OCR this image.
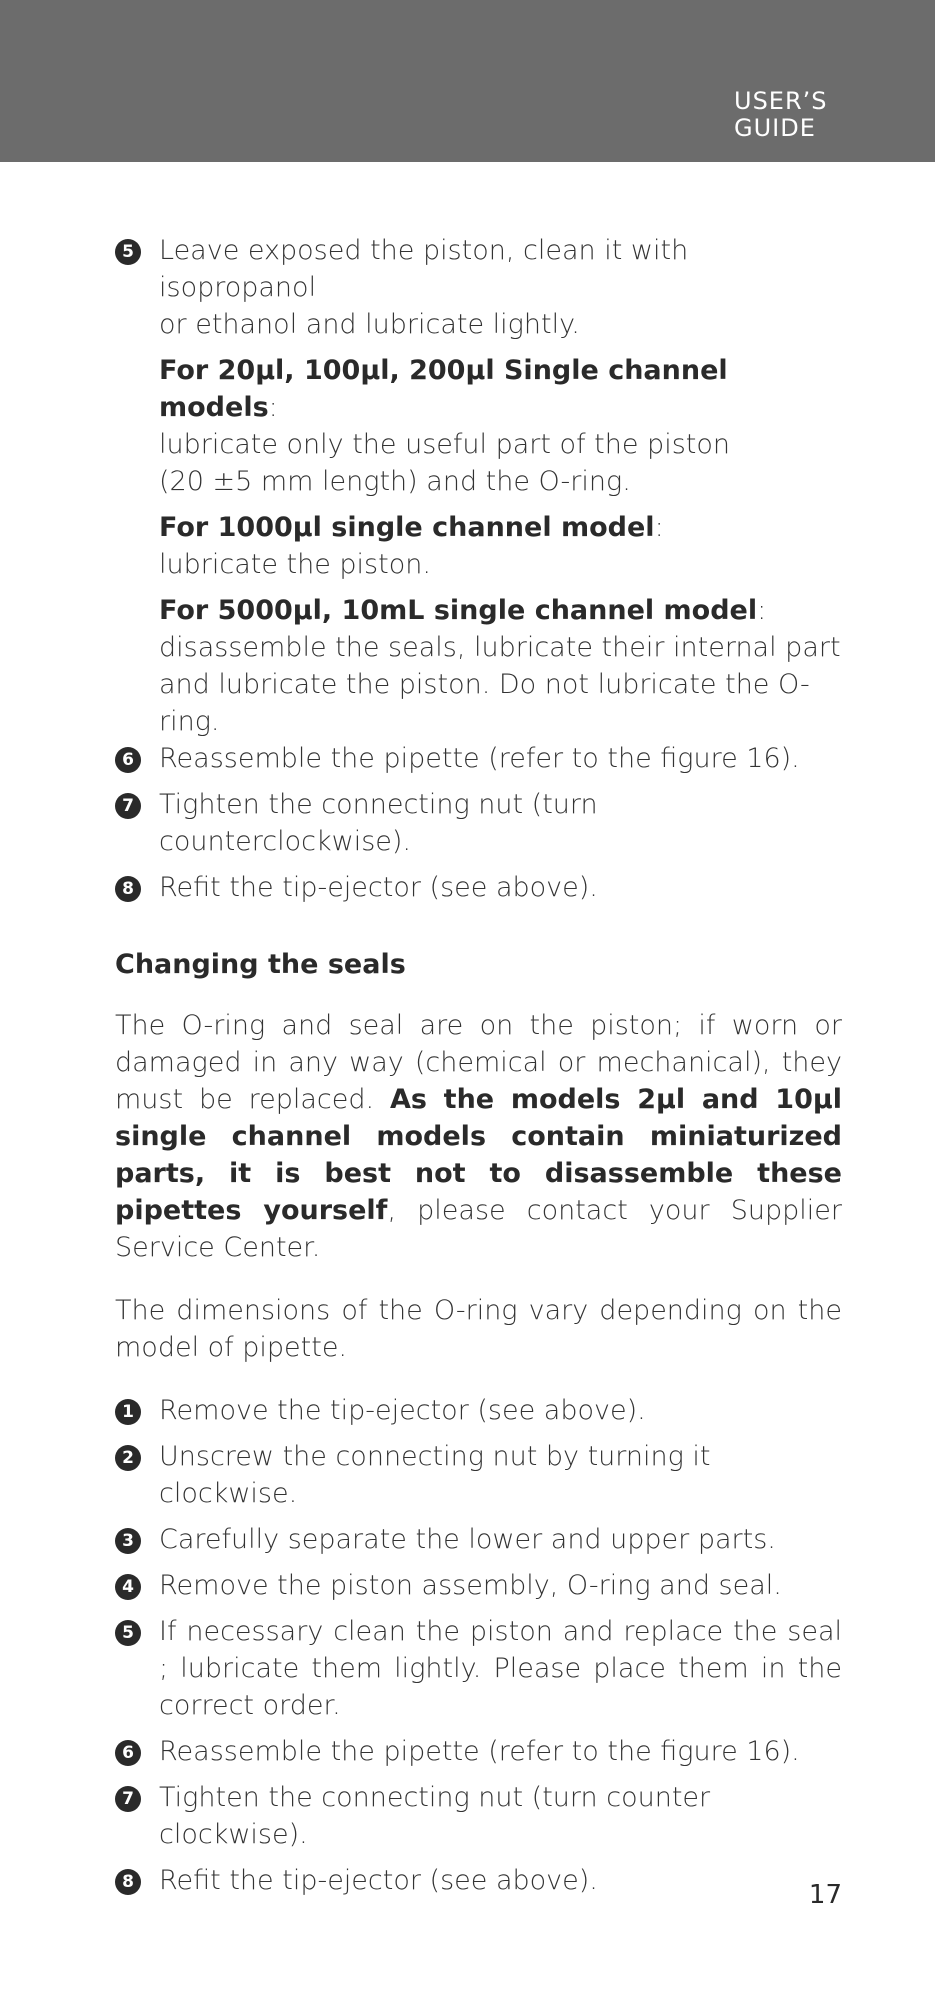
USER’S
GUIDE
5 Leave exposed the piston, clean it with isopropanol
or ethanol and lubricate lightly.
For 20µl, 100µl, 200µl Single channel models:
lubricate only the useful part of the piston
(20 ±5 mm length) and the O-ring.
For 1000µl single channel model:
lubricate the piston.
For 5000µl, 10mL single channel model:
disassemble the seals, lubricate their internal part
and lubricate the piston. Do not lubricate the O-ring.
6 Reassemble the pipette (refer to the figure 16).
7 Tighten the connecting nut (turn counterclockwise).
8 Refit the tip-ejector (see above).
Changing the seals
The O-ring and seal are on the piston; if worn or damaged in any way (chemical or mechanical), they must be replaced. As the models 2µl and 10µl single channel models contain miniaturized parts, it is best not to disassemble these pipettes yourself, please contact your Supplier Service Center.
The dimensions of the O-ring vary depending on the model of pipette.
1 Remove the tip-ejector (see above).
2 Unscrew the connecting nut by turning it clockwise.
3 Carefully separate the lower and upper parts.
4 Remove the piston assembly, O-ring and seal.
5 If necessary clean the piston and replace the seal ; lubricate them lightly. Please place them in the correct order.
6 Reassemble the pipette (refer to the figure 16).
7 Tighten the connecting nut (turn counter clockwise).
8 Refit the tip-ejector (see above).	17
